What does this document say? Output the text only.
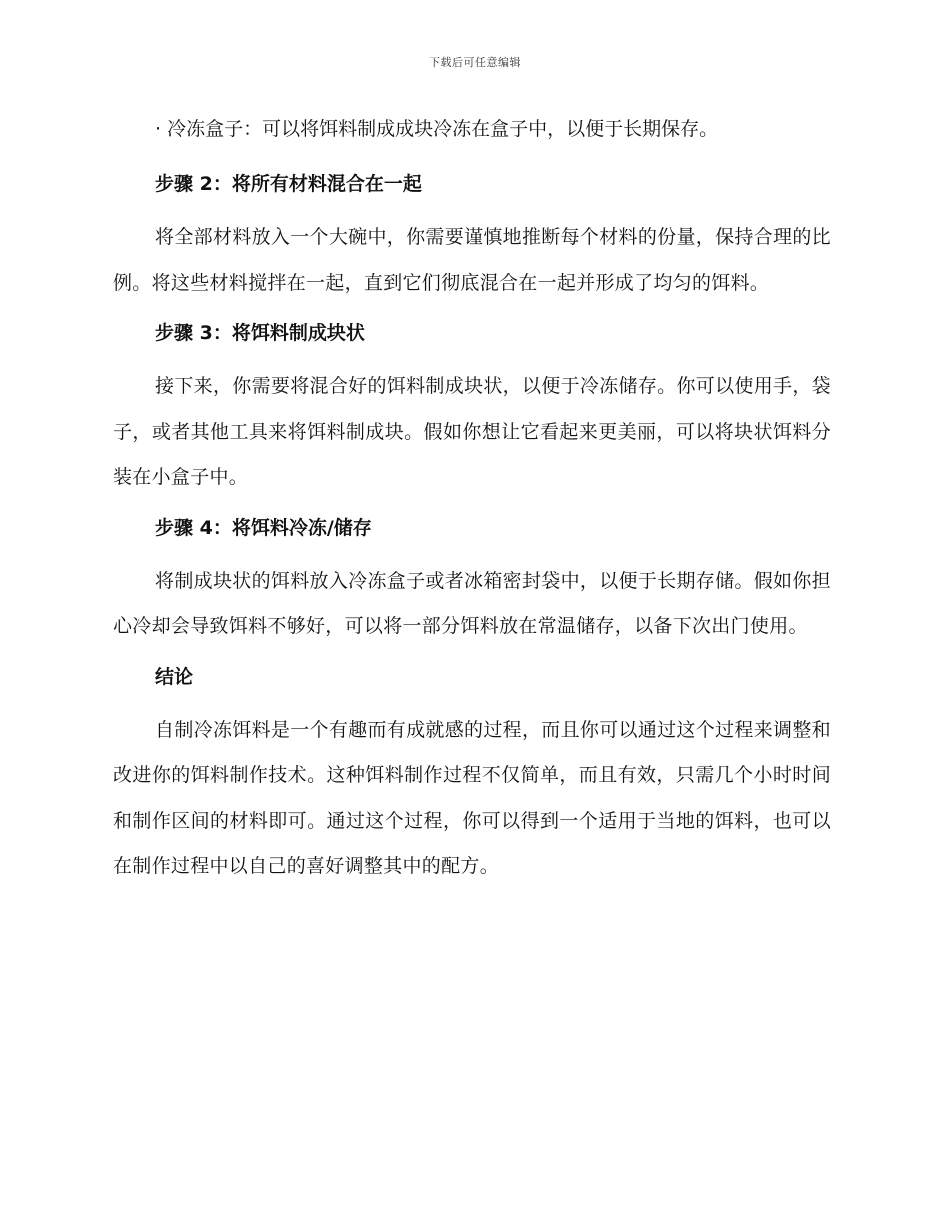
下载后可任意编辑
· 冷冻盒子：可以将饵料制成成块冷冻在盒子中，以便于长期保存。
步骤 2：将所有材料混合在一起
将全部材料放入一个大碗中，你需要谨慎地推断每个材料的份量，保持合理的比例。将这些材料搅拌在一起，直到它们彻底混合在一起并形成了均匀的饵料。
步骤 3：将饵料制成块状
接下来，你需要将混合好的饵料制成块状，以便于冷冻储存。你可以使用手，袋子，或者其他工具来将饵料制成块。假如你想让它看起来更美丽，可以将块状饵料分装在小盒子中。
步骤 4：将饵料冷冻/储存
将制成块状的饵料放入冷冻盒子或者冰箱密封袋中，以便于长期存储。假如你担心冷却会导致饵料不够好，可以将一部分饵料放在常温储存，以备下次出门使用。
结论
自制冷冻饵料是一个有趣而有成就感的过程，而且你可以通过这个过程来调整和改进你的饵料制作技术。这种饵料制作过程不仅简单，而且有效，只需几个小时时间和制作区间的材料即可。通过这个过程，你可以得到一个适用于当地的饵料，也可以在制作过程中以自己的喜好调整其中的配方。
